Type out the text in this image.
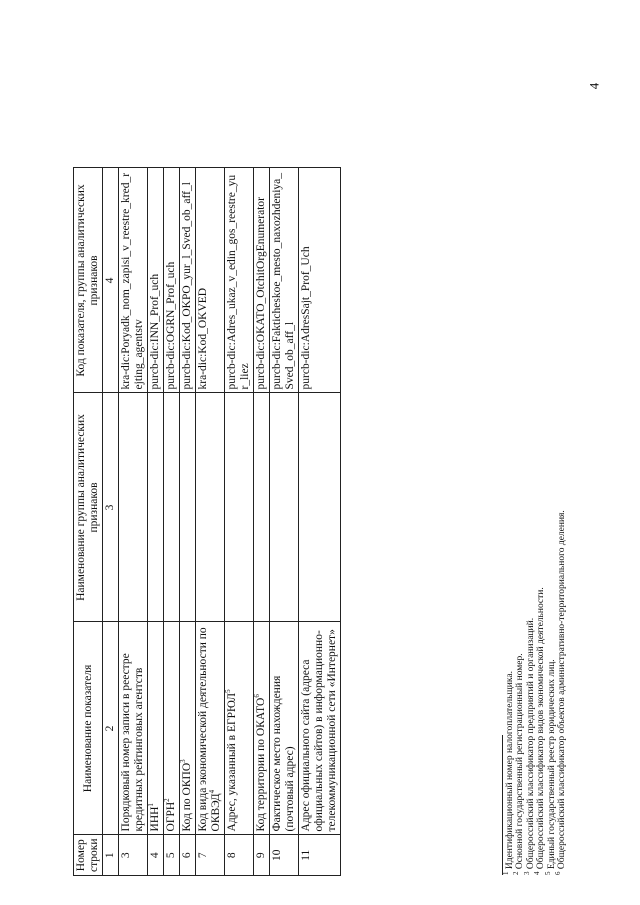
4
Номер строки	Наименование показателя	Наименование группы аналитических признаков	Код показателя, группы аналитических признаков
1	2	3	4
3	Порядковый номер записи в реестре кредитных рейтинговых агентств		kra-dic:Poryadk_nom_zapisi_v_reestre_kred_rejting_agentstv
4	ИНН$^1$		purcb-dic:INN_Prof_uch
5	ОГРН$^2$		purcb-dic:OGRN_Prof_uch
6	Код по ОКПО$^3$		purcb-dic:Kod_OKPO_yur_l_Sved_ob_aff_l
7	Код вида экономической деятельности по ОКВЭД$^4$		kra-dic:Kod_OKVED
8	Адрес, указанный в ЕГРЮЛ$^5$		purcb-dic:Adres_ukaz_v_edin_gos_reestre_yur_liez
9	Код территории по ОКАТО$^6$		purcb-dic:OKATO_OtchitOrgEnumerator
10	Фактическое место нахождения (почтовый адрес)		purcb-dic:Fakticheskoe_mesto_naxozhdeniya_Sved_ob_aff_l
11	Адрес официального сайта (адреса официальных сайтов) в информационно-телекоммуникационной сети «Интернет»		purcb-dic:AdresSajt_Prof_Uch
$^1$ Идентификационный номер налогоплательщика.
$^2$ Основной государственный регистрационный номер.
$^3$ Общероссийский классификатор предприятий и организаций.
$^4$ Общероссийский классификатор видов экономической деятельности.
$^5$ Единый государственный реестр юридических лиц.
$^6$ Общероссийский классификатор объектов административно-территориального деления.
